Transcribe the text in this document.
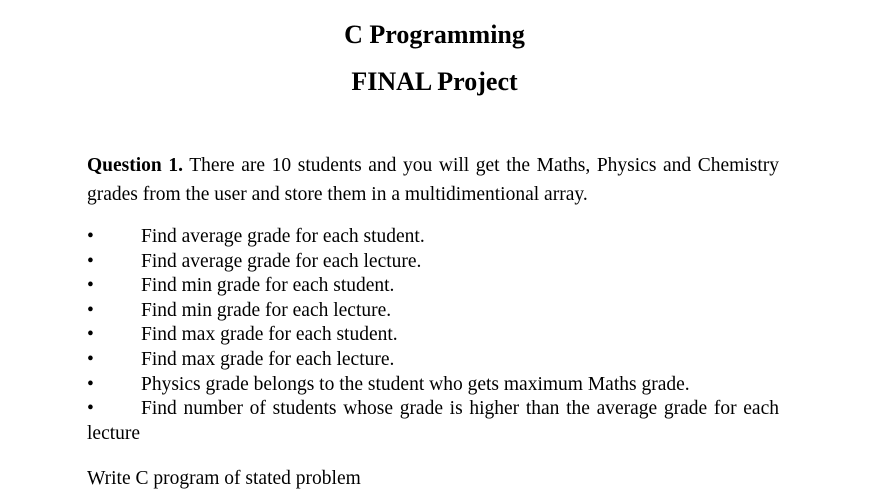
C Programming
FINAL Project

Question 1. There are 10 students and you will get the Maths, Physics and Chemistry grades from the user and store them in a multidimentional array.

• Find average grade for each student.
• Find average grade for each lecture.
• Find min grade for each student.
• Find min grade for each lecture.
• Find max grade for each student.
• Find max grade for each lecture.
• Physics grade belongs to the student who gets maximum Maths grade.
• Find number of students whose grade is higher than the average grade for each lecture

Write C program of stated problem
